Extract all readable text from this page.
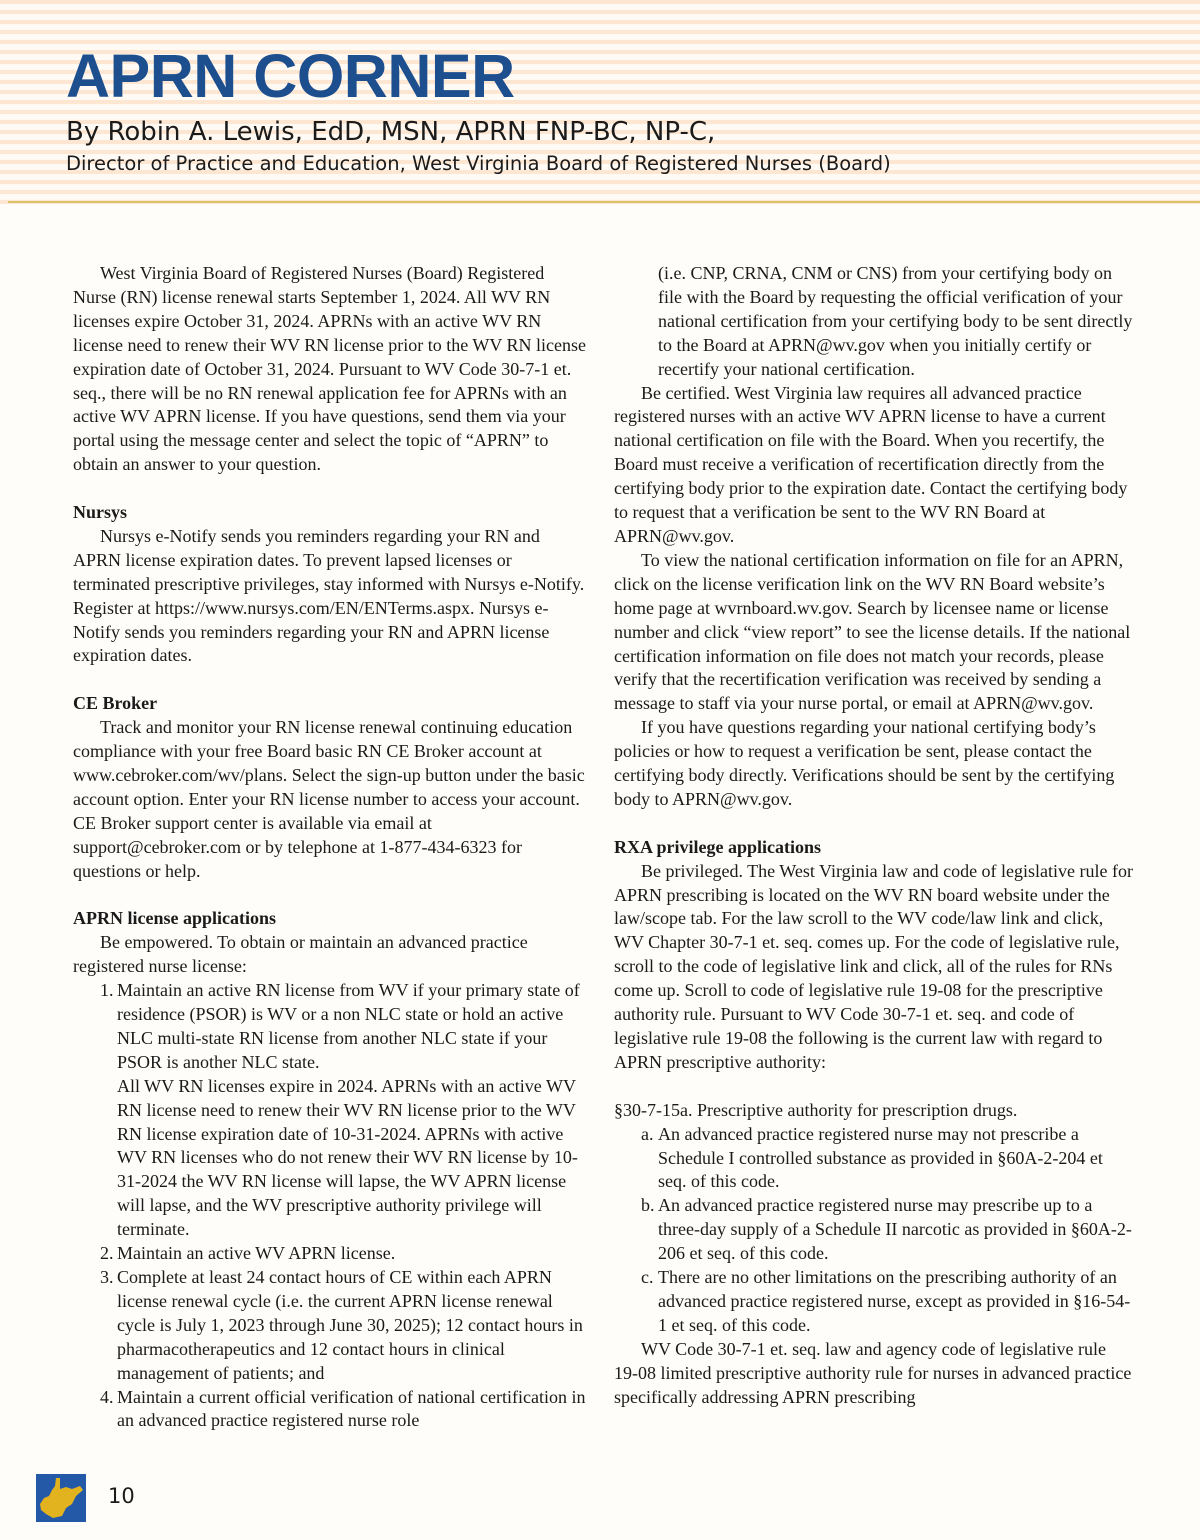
APRN CORNER
By Robin A. Lewis, EdD, MSN, APRN FNP-BC, NP-C,
Director of Practice and Education, West Virginia Board of Registered Nurses (Board)

West Virginia Board of Registered Nurses (Board) Registered Nurse (RN) license renewal starts September 1, 2024. All WV RN licenses expire October 31, 2024. APRNs with an active WV RN license need to renew their WV RN license prior to the WV RN license expiration date of October 31, 2024. Pursuant to WV Code 30-7-1 et. seq., there will be no RN renewal application fee for APRNs with an active WV APRN license. If you have questions, send them via your portal using the message center and select the topic of “APRN” to obtain an answer to your question.

Nursys

Nursys e-Notify sends you reminders regarding your RN and APRN license expiration dates. To prevent lapsed licenses or terminated prescriptive privileges, stay informed with Nursys e-Notify. Register at https://www.nursys.com/EN/ENTerms.aspx. Nursys e-Notify sends you reminders regarding your RN and APRN license expiration dates.

CE Broker

Track and monitor your RN license renewal continuing education compliance with your free Board basic RN CE Broker account at www.cebroker.com/wv/plans. Select the sign-up button under the basic account option. Enter your RN license number to access your account. CE Broker support center is available via email at support@cebroker.com or by telephone at 1-877-434-6323 for questions or help.

APRN license applications

Be empowered. To obtain or maintain an advanced practice registered nurse license:

1. Maintain an active RN license from WV if your primary state of residence (PSOR) is WV or a non NLC state or hold an active NLC multi-state RN license from another NLC state if your PSOR is another NLC state.

All WV RN licenses expire in 2024. APRNs with an active WV RN license need to renew their WV RN license prior to the WV RN license expiration date of 10-31-2024. APRNs with active WV RN licenses who do not renew their WV RN license by 10-31-2024 the WV RN license will lapse, the WV APRN license will lapse, and the WV prescriptive authority privilege will terminate.

2. Maintain an active WV APRN license.
3. Complete at least 24 contact hours of CE within each APRN license renewal cycle (i.e. the current APRN license renewal cycle is July 1, 2023 through June 30, 2025); 12 contact hours in pharmacotherapeutics and 12 contact hours in clinical management of patients; and
4. Maintain a current official verification of national certification in an advanced practice registered nurse role

(i.e. CNP, CRNA, CNM or CNS) from your certifying body on file with the Board by requesting the official verification of your national certification from your certifying body to be sent directly to the Board at APRN@wv.gov when you initially certify or recertify your national certification.

Be certified. West Virginia law requires all advanced practice registered nurses with an active WV APRN license to have a current national certification on file with the Board. When you recertify, the Board must receive a verification of recertification directly from the certifying body prior to the expiration date. Contact the certifying body to request that a verification be sent to the WV RN Board at APRN@wv.gov.

To view the national certification information on file for an APRN, click on the license verification link on the WV RN Board website’s home page at wvrnboard.wv.gov. Search by licensee name or license number and click “view report” to see the license details. If the national certification information on file does not match your records, please verify that the recertification verification was received by sending a message to staff via your nurse portal, or email at APRN@wv.gov.

If you have questions regarding your national certifying body’s policies or how to request a verification be sent, please contact the certifying body directly. Verifications should be sent by the certifying body to APRN@wv.gov.

RXA privilege applications

Be privileged. The West Virginia law and code of legislative rule for APRN prescribing is located on the WV RN board website under the law/scope tab. For the law scroll to the WV code/law link and click, WV Chapter 30-7-1 et. seq. comes up. For the code of legislative rule, scroll to the code of legislative link and click, all of the rules for RNs come up. Scroll to code of legislative rule 19-08 for the prescriptive authority rule. Pursuant to WV Code 30-7-1 et. seq. and code of legislative rule 19-08 the following is the current law with regard to APRN prescriptive authority:

§30-7-15a. Prescriptive authority for prescription drugs.

a. An advanced practice registered nurse may not prescribe a Schedule I controlled substance as provided in §60A-2-204 et seq. of this code.
b. An advanced practice registered nurse may prescribe up to a three-day supply of a Schedule II narcotic as provided in §60A-2-206 et seq. of this code.
c. There are no other limitations on the prescribing authority of an advanced practice registered nurse, except as provided in §16-54-1 et seq. of this code.

WV Code 30-7-1 et. seq. law and agency code of legislative rule 19-08 limited prescriptive authority rule for nurses in advanced practice specifically addressing APRN prescribing

10
